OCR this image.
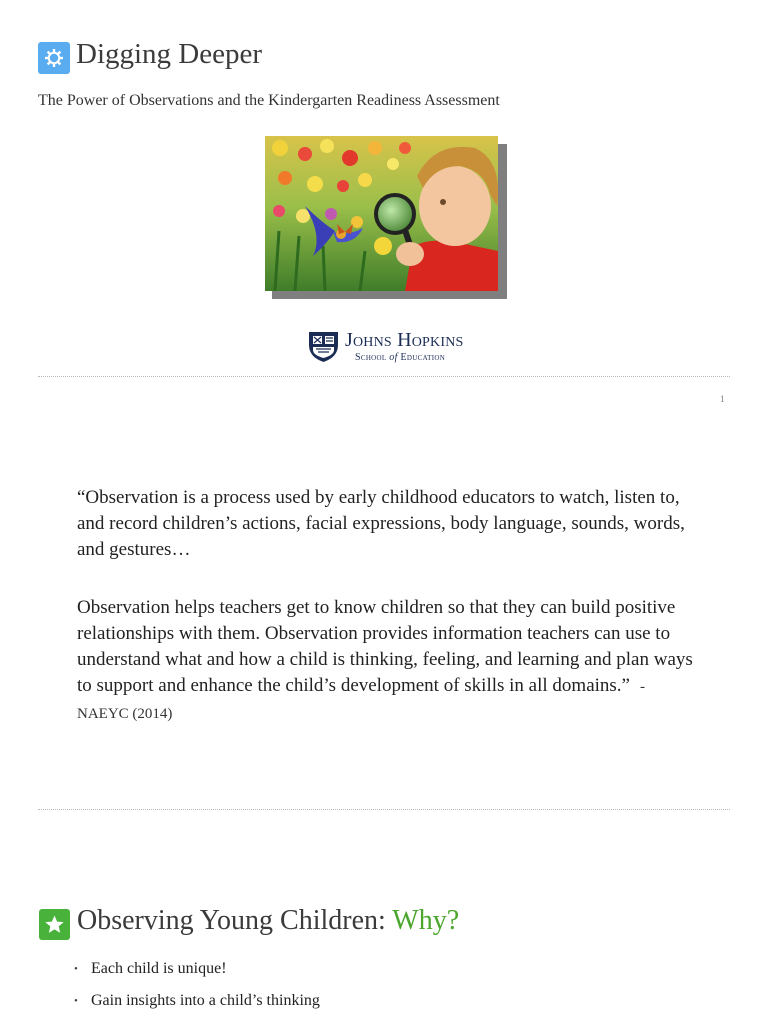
Digging Deeper
The Power of Observations and the Kindergarten Readiness Assessment
Johns Hopkins
School of Education
1
“Observation is a process used by early childhood educators to watch, listen to, and record children’s actions, facial expressions, body language, sounds, words, and gestures…
Observation helps teachers get to know children so that they can build positive relationships with them. Observation provides information teachers can use to understand what and how a child is thinking, feeling, and learning and plan ways to support and enhance the child’s development of skills in all domains.” - NAEYC (2014)
Observing Young Children: Why?
• Each child is unique!
• Gain insights into a child’s thinking
